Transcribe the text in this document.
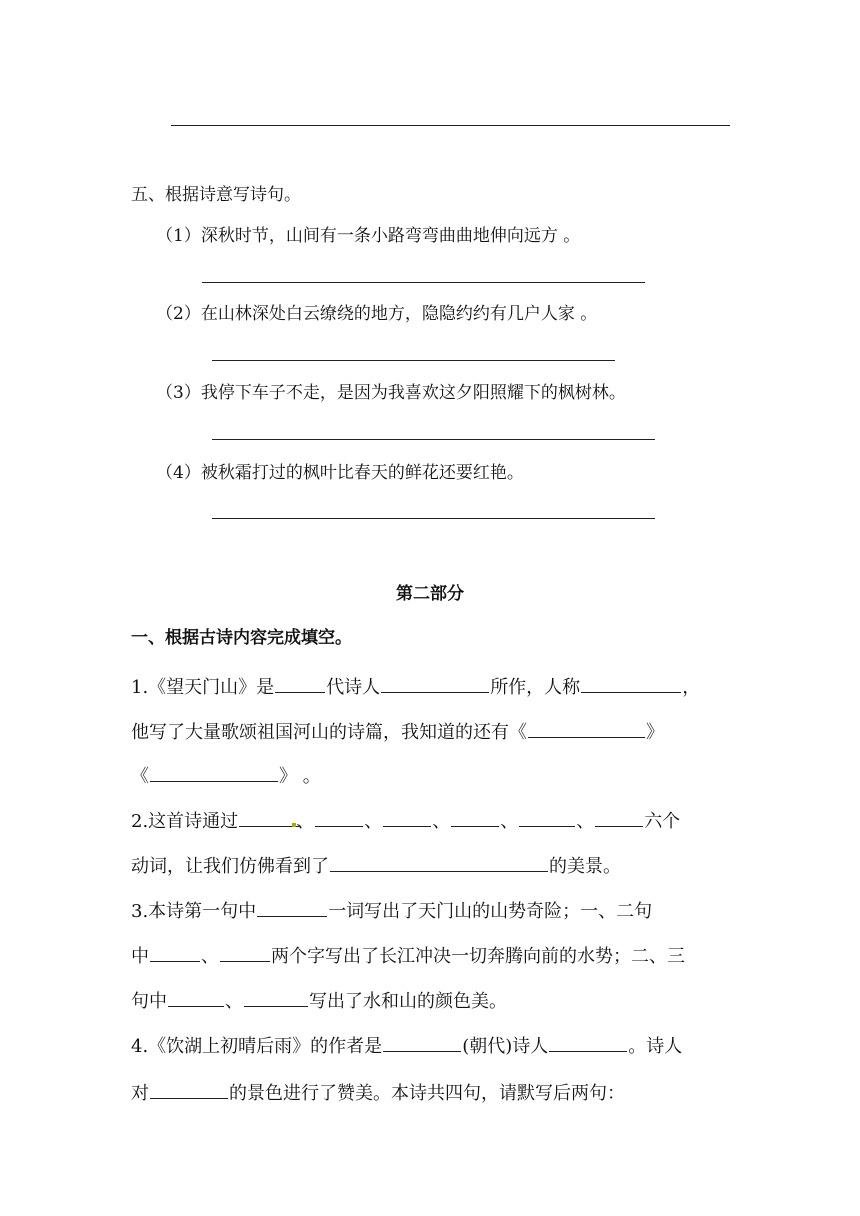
五、根据诗意写诗句。
（1）深秋时节，山间有一条小路弯弯曲曲地伸向远方 。
（2）在山林深处白云缭绕的地方，隐隐约约有几户人家 。
（3）我停下车子不走，是因为我喜欢这夕阳照耀下的枫树林。
（4）被秋霜打过的枫叶比春天的鲜花还要红艳。
第二部分
一、根据古诗内容完成填空。
1.《望天门山》是	代诗人	所作，人称	，
他写了大量歌颂祖国河山的诗篇，我知道的还有《	》
《	》 。
2.这首诗通过	、	、	、	、	、	六个
动词，让我们仿佛看到了	的美景。
3.本诗第一句中	一词写出了天门山的山势奇险；一、二句
中	、	两个字写出了长江冲决一切奔腾向前的水势；二、三
句中	、	写出了水和山的颜色美。
4.《饮湖上初晴后雨》的作者是	(朝代)诗人	。诗人
对	的景色进行了赞美。本诗共四句，请默写后两句：
